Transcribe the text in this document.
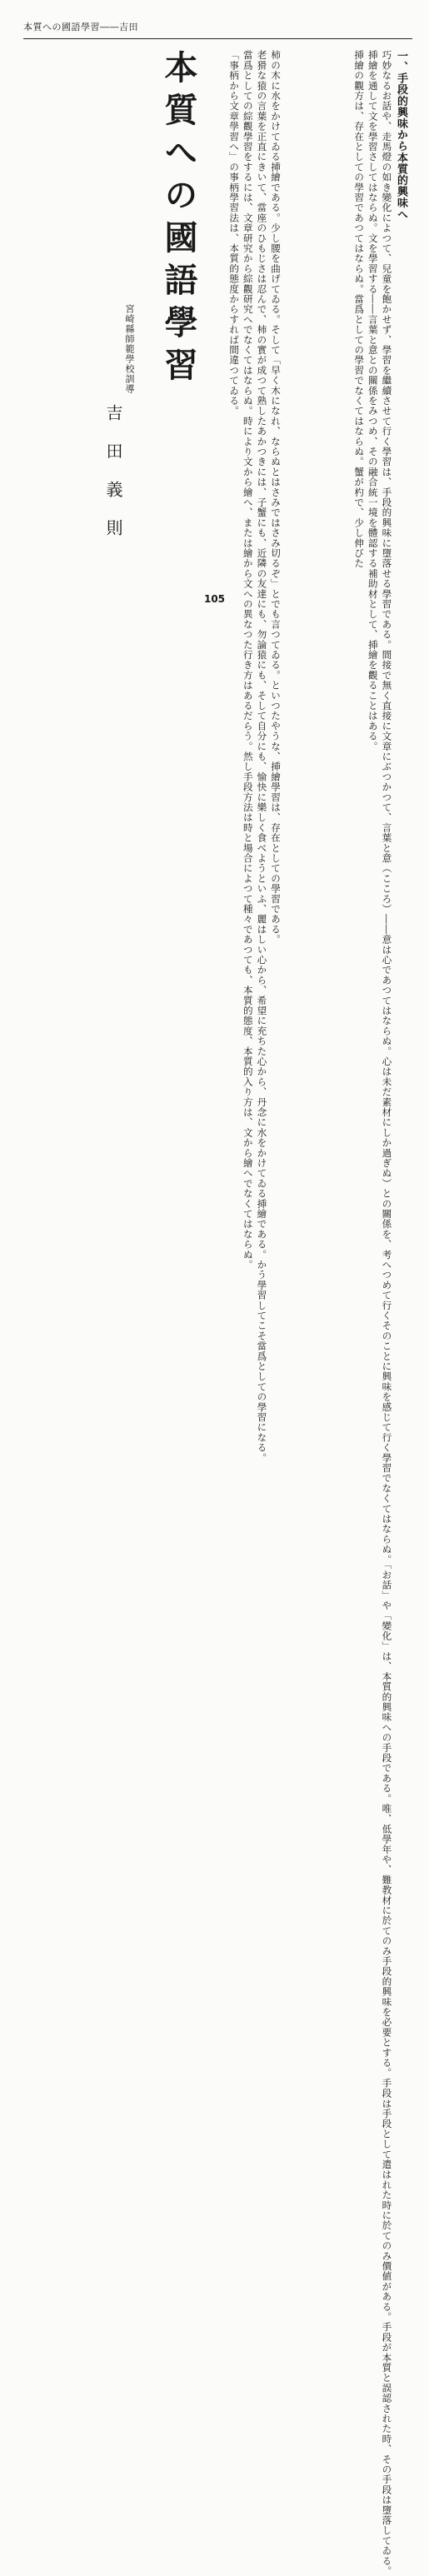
本質への國語學習――吉田

一、手段的興味から本質的興味へ

巧妙なるお話や、走馬燈の如き變化によつて、兒童を飽かせず、學習を繼續させて行く學習は、手段的興味に墮落せる學習である。間接で無く直接に文章にぶつかつて、言葉と意（こころ）――意は心であつてはならぬ。心は未だ素材にしか過ぎぬ）との關係を、考へつめて行くそのことに興味を感じて行く學習でなくてはならぬ。「お話」や「變化」は、本質的興味への手段である。唯、低學年や、難教材に於てのみ手段的興味を必要とする。手段は手段として遣はれた時に於てのみ價値がある。手段が本質と誤認された時、その手段は墮落してゐる。

挿繪を通して文を學習さしてはならぬ。文を學習する――言葉と意との關係をみつめ、その融合統一境を體認する補助材として、挿繪を觀ることはある。

挿繪の觀方は、存在としての學習であつてはならぬ。當爲としての學習でなくてはならぬ。蟹が杓で、少し伸びた

本質への國語學習
宮崎縣師範學校訓導
吉田義則	柿の木に水をかけてゐる挿繪である。少し腰を曲げてゐる。そして「早く木になれ、ならぬとはさみではさみ切るぞ」とでも言つてゐる。といつたやうな、挿繪學習は、存在としての學習である。

老猾な猿の言葉を正直にきいて、當座のひもじさは忍んで、柿の實が成つて熟したあかつきには、子蟹にも、近隣の友達にも、勿論猿にも、そして自分にも、愉快に樂しく食べようといふ、麗はしい心から、希望に充ちた心から、丹念に水をかけてゐる挿繪である。かう學習してこそ當爲としての學習になる。

當爲としての綜觀學習をするには、文章研究から綜觀研究へでなくてはならぬ。時により文から繪へ、または繪から文への異なつた行き方はあるだらう。然し手段方法は時と場合によつて種々であつても、本質的態度、本質的入り方は、文から繪へでなくてはならぬ。

「事柄から文章學習へ」の事柄學習法は、本質的態度からすれば間違つてゐる。

105
